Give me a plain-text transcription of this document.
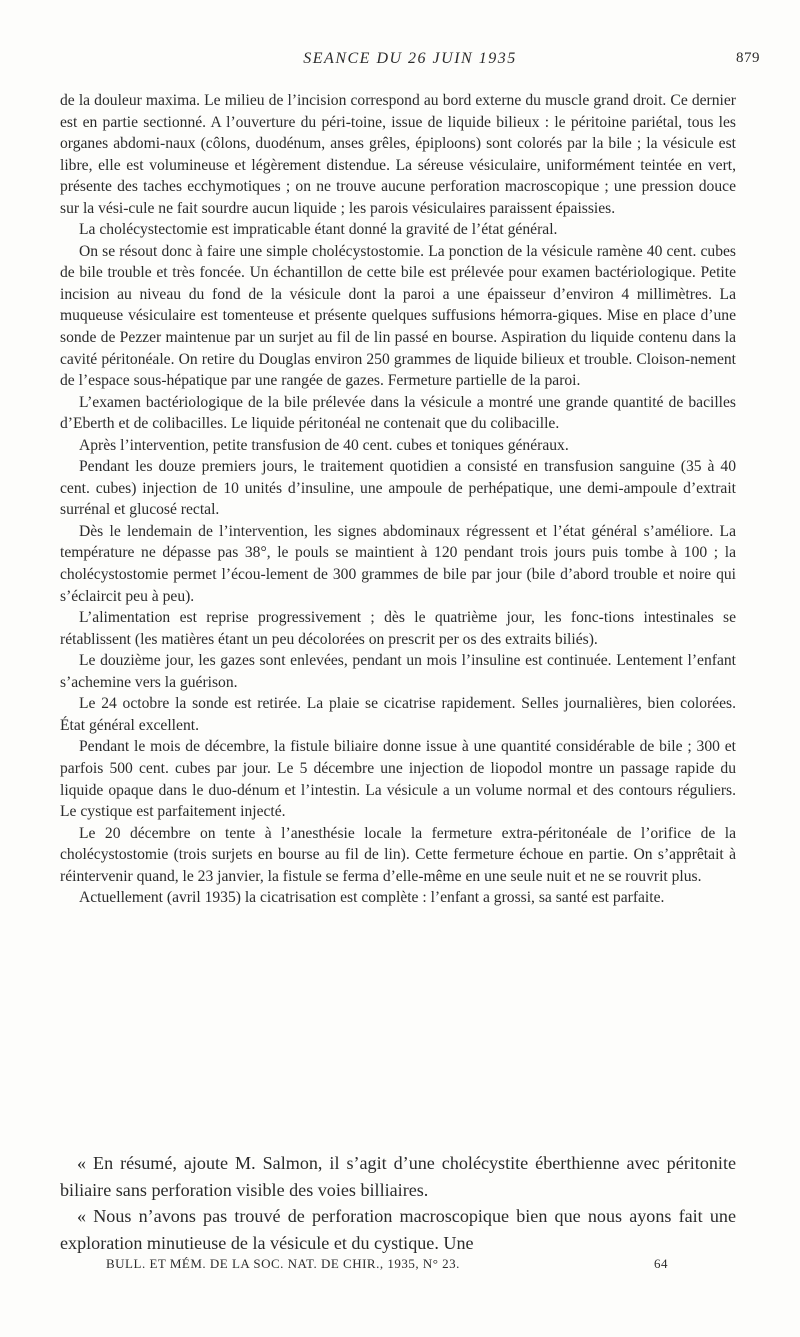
SEANCE DU 26 JUIN 1935	879

de la douleur maxima. Le milieu de l’incision correspond au bord externe du muscle grand droit. Ce dernier est en partie sectionné. A l’ouverture du péri-toine, issue de liquide bilieux : le péritoine pariétal, tous les organes abdomi-naux (côlons, duodénum, anses grêles, épiploons) sont colorés par la bile ; la vésicule est libre, elle est volumineuse et légèrement distendue. La séreuse vésiculaire, uniformément teintée en vert, présente des taches ecchymotiques ; on ne trouve aucune perforation macroscopique ; une pression douce sur la vési-cule ne fait sourdre aucun liquide ; les parois vésiculaires paraissent épaissies.

La cholécystectomie est impraticable étant donné la gravité de l’état général.

On se résout donc à faire une simple cholécystostomie. La ponction de la vésicule ramène 40 cent. cubes de bile trouble et très foncée. Un échantillon de cette bile est prélevée pour examen bactériologique. Petite incision au niveau du fond de la vésicule dont la paroi a une épaisseur d’environ 4 millimètres. La muqueuse vésiculaire est tomenteuse et présente quelques suffusions hémorra-giques. Mise en place d’une sonde de Pezzer maintenue par un surjet au fil de lin passé en bourse. Aspiration du liquide contenu dans la cavité péritonéale. On retire du Douglas environ 250 grammes de liquide bilieux et trouble. Cloison-nement de l’espace sous-hépatique par une rangée de gazes. Fermeture partielle de la paroi.

L’examen bactériologique de la bile prélevée dans la vésicule a montré une grande quantité de bacilles d’Eberth et de colibacilles. Le liquide péritonéal ne contenait que du colibacille.

Après l’intervention, petite transfusion de 40 cent. cubes et toniques généraux.

Pendant les douze premiers jours, le traitement quotidien a consisté en transfusion sanguine (35 à 40 cent. cubes) injection de 10 unités d’insuline, une ampoule de perhépatique, une demi-ampoule d’extrait surrénal et glucosé rectal.

Dès le lendemain de l’intervention, les signes abdominaux régressent et l’état général s’améliore. La température ne dépasse pas 38°, le pouls se maintient à 120 pendant trois jours puis tombe à 100 ; la cholécystostomie permet l’écou-lement de 300 grammes de bile par jour (bile d’abord trouble et noire qui s’éclaircit peu à peu).

L’alimentation est reprise progressivement ; dès le quatrième jour, les fonc-tions intestinales se rétablissent (les matières étant un peu décolorées on prescrit per os des extraits biliés).

Le douzième jour, les gazes sont enlevées, pendant un mois l’insuline est continuée. Lentement l’enfant s’achemine vers la guérison.

Le 24 octobre la sonde est retirée. La plaie se cicatrise rapidement. Selles journalières, bien colorées. État général excellent.

Pendant le mois de décembre, la fistule biliaire donne issue à une quantité considérable de bile ; 300 et parfois 500 cent. cubes par jour. Le 5 décembre une injection de liopodol montre un passage rapide du liquide opaque dans le duo-dénum et l’intestin. La vésicule a un volume normal et des contours réguliers. Le cystique est parfaitement injecté.

Le 20 décembre on tente à l’anesthésie locale la fermeture extra-péritonéale de l’orifice de la cholécystostomie (trois surjets en bourse au fil de lin). Cette fermeture échoue en partie. On s’apprêtait à réintervenir quand, le 23 janvier, la fistule se ferma d’elle-même en une seule nuit et ne se rouvrit plus.

Actuellement (avril 1935) la cicatrisation est complète : l’enfant a grossi, sa santé est parfaite.

« En résumé, ajoute M. Salmon, il s’agit d’une cholécystite éberthienne avec péritonite biliaire sans perforation visible des voies billiaires.

« Nous n’avons pas trouvé de perforation macroscopique bien que nous ayons fait une exploration minutieuse de la vésicule et du cystique. Une

BULL. ET MÉM. DE LA SOC. NAT. DE CHIR., 1935, N° 23.	64
